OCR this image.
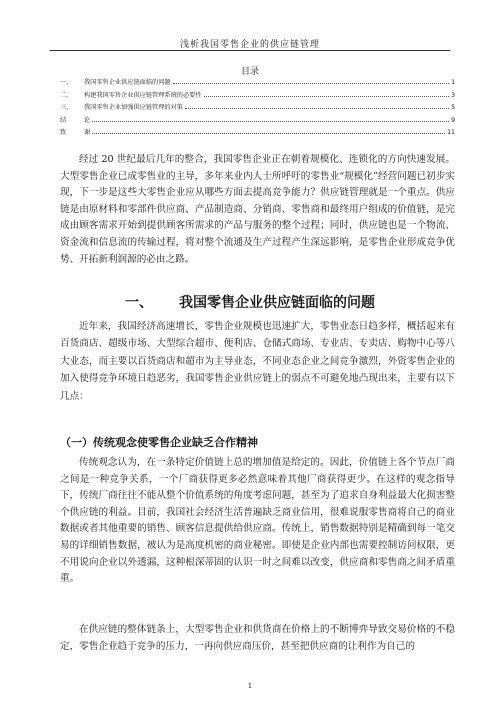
浅析我国零售企业的供应链管理
目录
一、	我国零售企业供应链面临的问题	1
二、	构建我国零售企业供应链管理系统的必要性	3
三、	我国零售企业加强供应链管理的对策	5
结	论	9
致	谢	11

经过 20 世纪最后几年的整合，我国零售企业正在朝着规模化、连锁化的方向快速发展。大型零售企业已成零售业的主导，多年来业内人士所呼吁的零售业“规模化”经营问题已初步实现，下一步是这些大零售企业应从哪些方面去提高竞争能力？供应链管理就是一个重点。供应链是由原材料和零部件供应商、产品制造商、分销商、零售商和最终用户组成的价值链，是完成由顾客需求开始到提供顾客所需求的产品与服务的整个过程；同时，供应链也是一个物流、资金流和信息流的传输过程，将对整个流通及生产过程产生深远影响，是零售企业形成竞争优势、开拓新利润源的必由之路。

一、 我国零售企业供应链面临的问题

近年来，我国经济高速增长，零售企业规模也迅速扩大，零售业态日趋多样，概括起来有百货商店、超级市场、大型综合超市、便利店、仓储式商场、专业店、专卖店、购物中心等八大业态，而主要以百货商店和超市为主导业态，不同业态企业之间竞争激烈，外资零售企业的加入使得竞争环境日趋恶劣，我国零售企业供应链上的弱点不可避免地凸现出来，主要有以下几点：

（一）传统观念使零售企业缺乏合作精神

传统观念认为，在一条特定价值链上总的增加值是给定的。因此，价值链上各个节点厂商之间是一种竞争关系，一个厂商获得更多必然意味着其他厂商获得更少。在这样的观念指导下，传统厂商往往不能从整个价值系统的角度考虑问题，甚至为了追求自身利益最大化损害整个供应链的利益。目前，我国社会经济生活普遍缺乏商业信用，很难说服零售商将自己的商业数据或者其他重要的销售、顾客信息提供给供应商。传统上，销售数据特别是精确到每一笔交易的详细销售数据，被认为是高度机密的商业秘密。即使是企业内部也需要控制访问权限，更不用说向企业以外透漏，这种根深蒂固的认识一时之间难以改变，供应商和零售商之间矛盾重重。

在供应链的整体链条上，大型零售企业和供货商在价格上的不断博弈导致交易价格的不稳定，零售企业趋于竞争的压力，一再向供应商压价，甚至把供应商的让利作为自己的

1
